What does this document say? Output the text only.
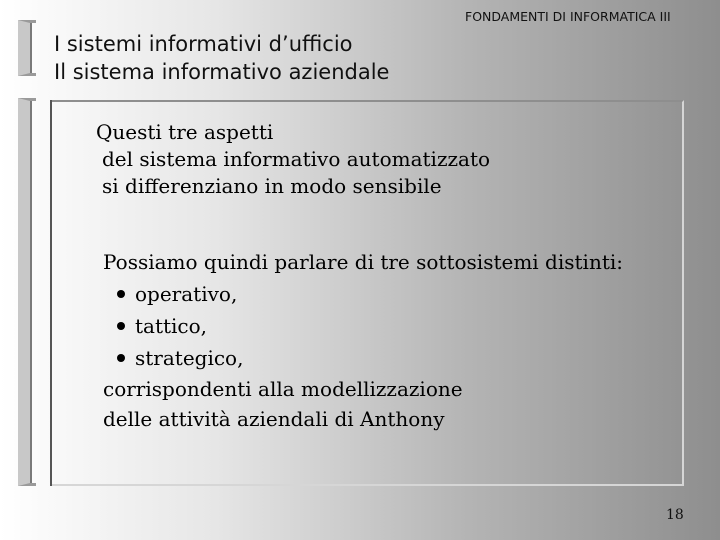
FONDAMENTI DI INFORMATICA III
I sistemi informativi d’ufficio
Il sistema informativo aziendale
Questi tre aspetti
del sistema informativo automatizzato
si differenziano in modo sensibile
Possiamo quindi parlare di tre sottosistemi distinti:
operativo,
tattico,
strategico,
corrispondenti alla modellizzazione
delle attività aziendali di Anthony
18
